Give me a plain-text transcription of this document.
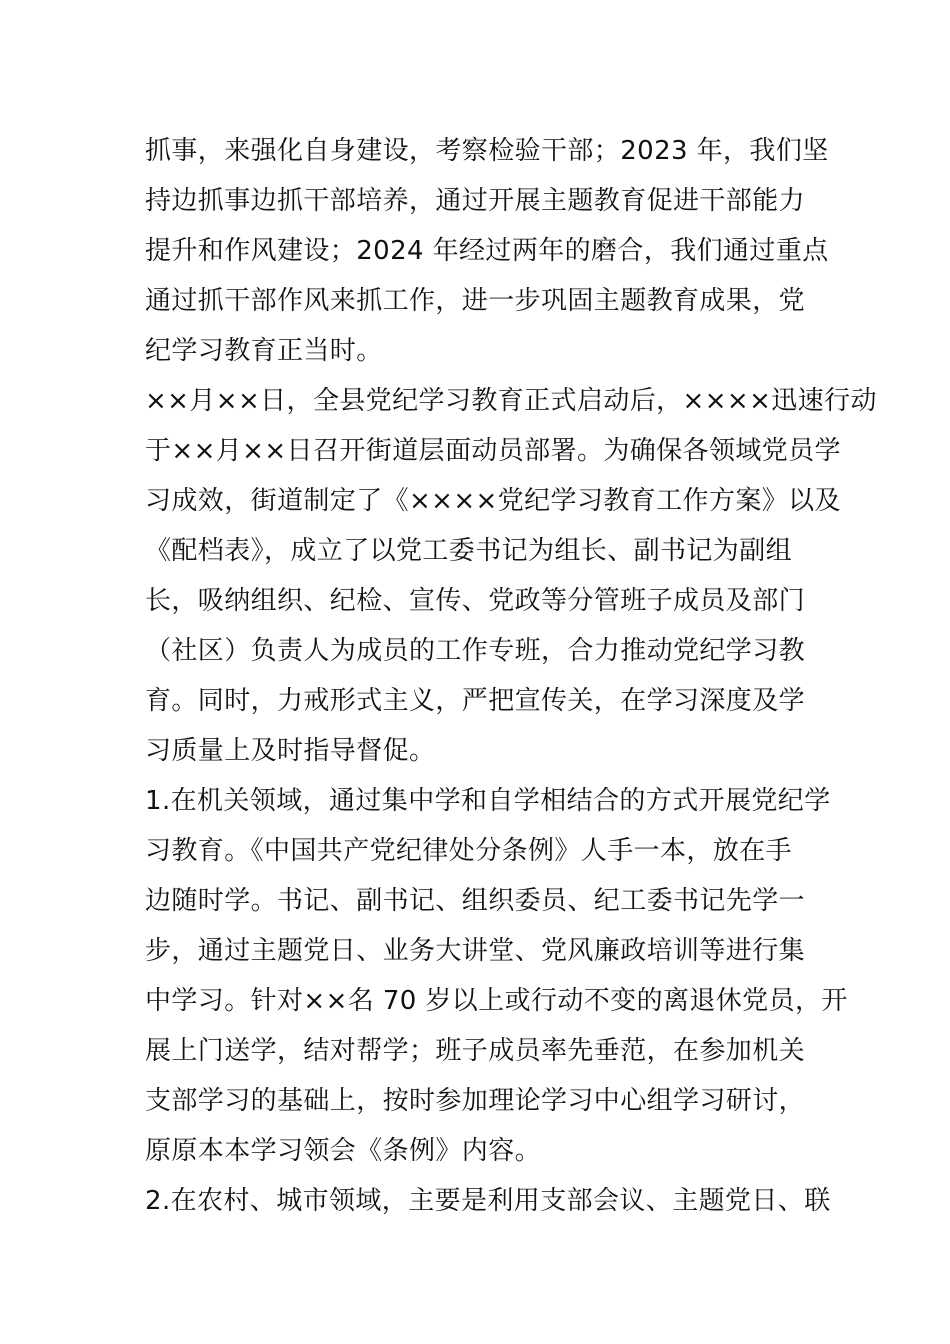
抓事，来强化自身建设，考察检验干部；2023 年，我们坚
持边抓事边抓干部培养，通过开展主题教育促进干部能力
提升和作风建设；2024 年经过两年的磨合，我们通过重点
通过抓干部作风来抓工作，进一步巩固主题教育成果，党
纪学习教育正当时。
××月××日，全县党纪学习教育正式启动后，××××迅速行动
于××月××日召开街道层面动员部署。为确保各领域党员学
习成效，街道制定了《××××党纪学习教育工作方案》以及
《配档表》，成立了以党工委书记为组长、副书记为副组
长，吸纳组织、纪检、宣传、党政等分管班子成员及部门
（社区）负责人为成员的工作专班，合力推动党纪学习教
育。同时，力戒形式主义，严把宣传关，在学习深度及学
习质量上及时指导督促。
1.在机关领域，通过集中学和自学相结合的方式开展党纪学
习教育。《中国共产党纪律处分条例》人手一本，放在手
边随时学。书记、副书记、组织委员、纪工委书记先学一
步，通过主题党日、业务大讲堂、党风廉政培训等进行集
中学习。针对××名 70 岁以上或行动不变的离退休党员，开
展上门送学，结对帮学；班子成员率先垂范，在参加机关
支部学习的基础上，按时参加理论学习中心组学习研讨，
原原本本学习领会《条例》内容。
2.在农村、城市领域，主要是利用支部会议、主题党日、联
